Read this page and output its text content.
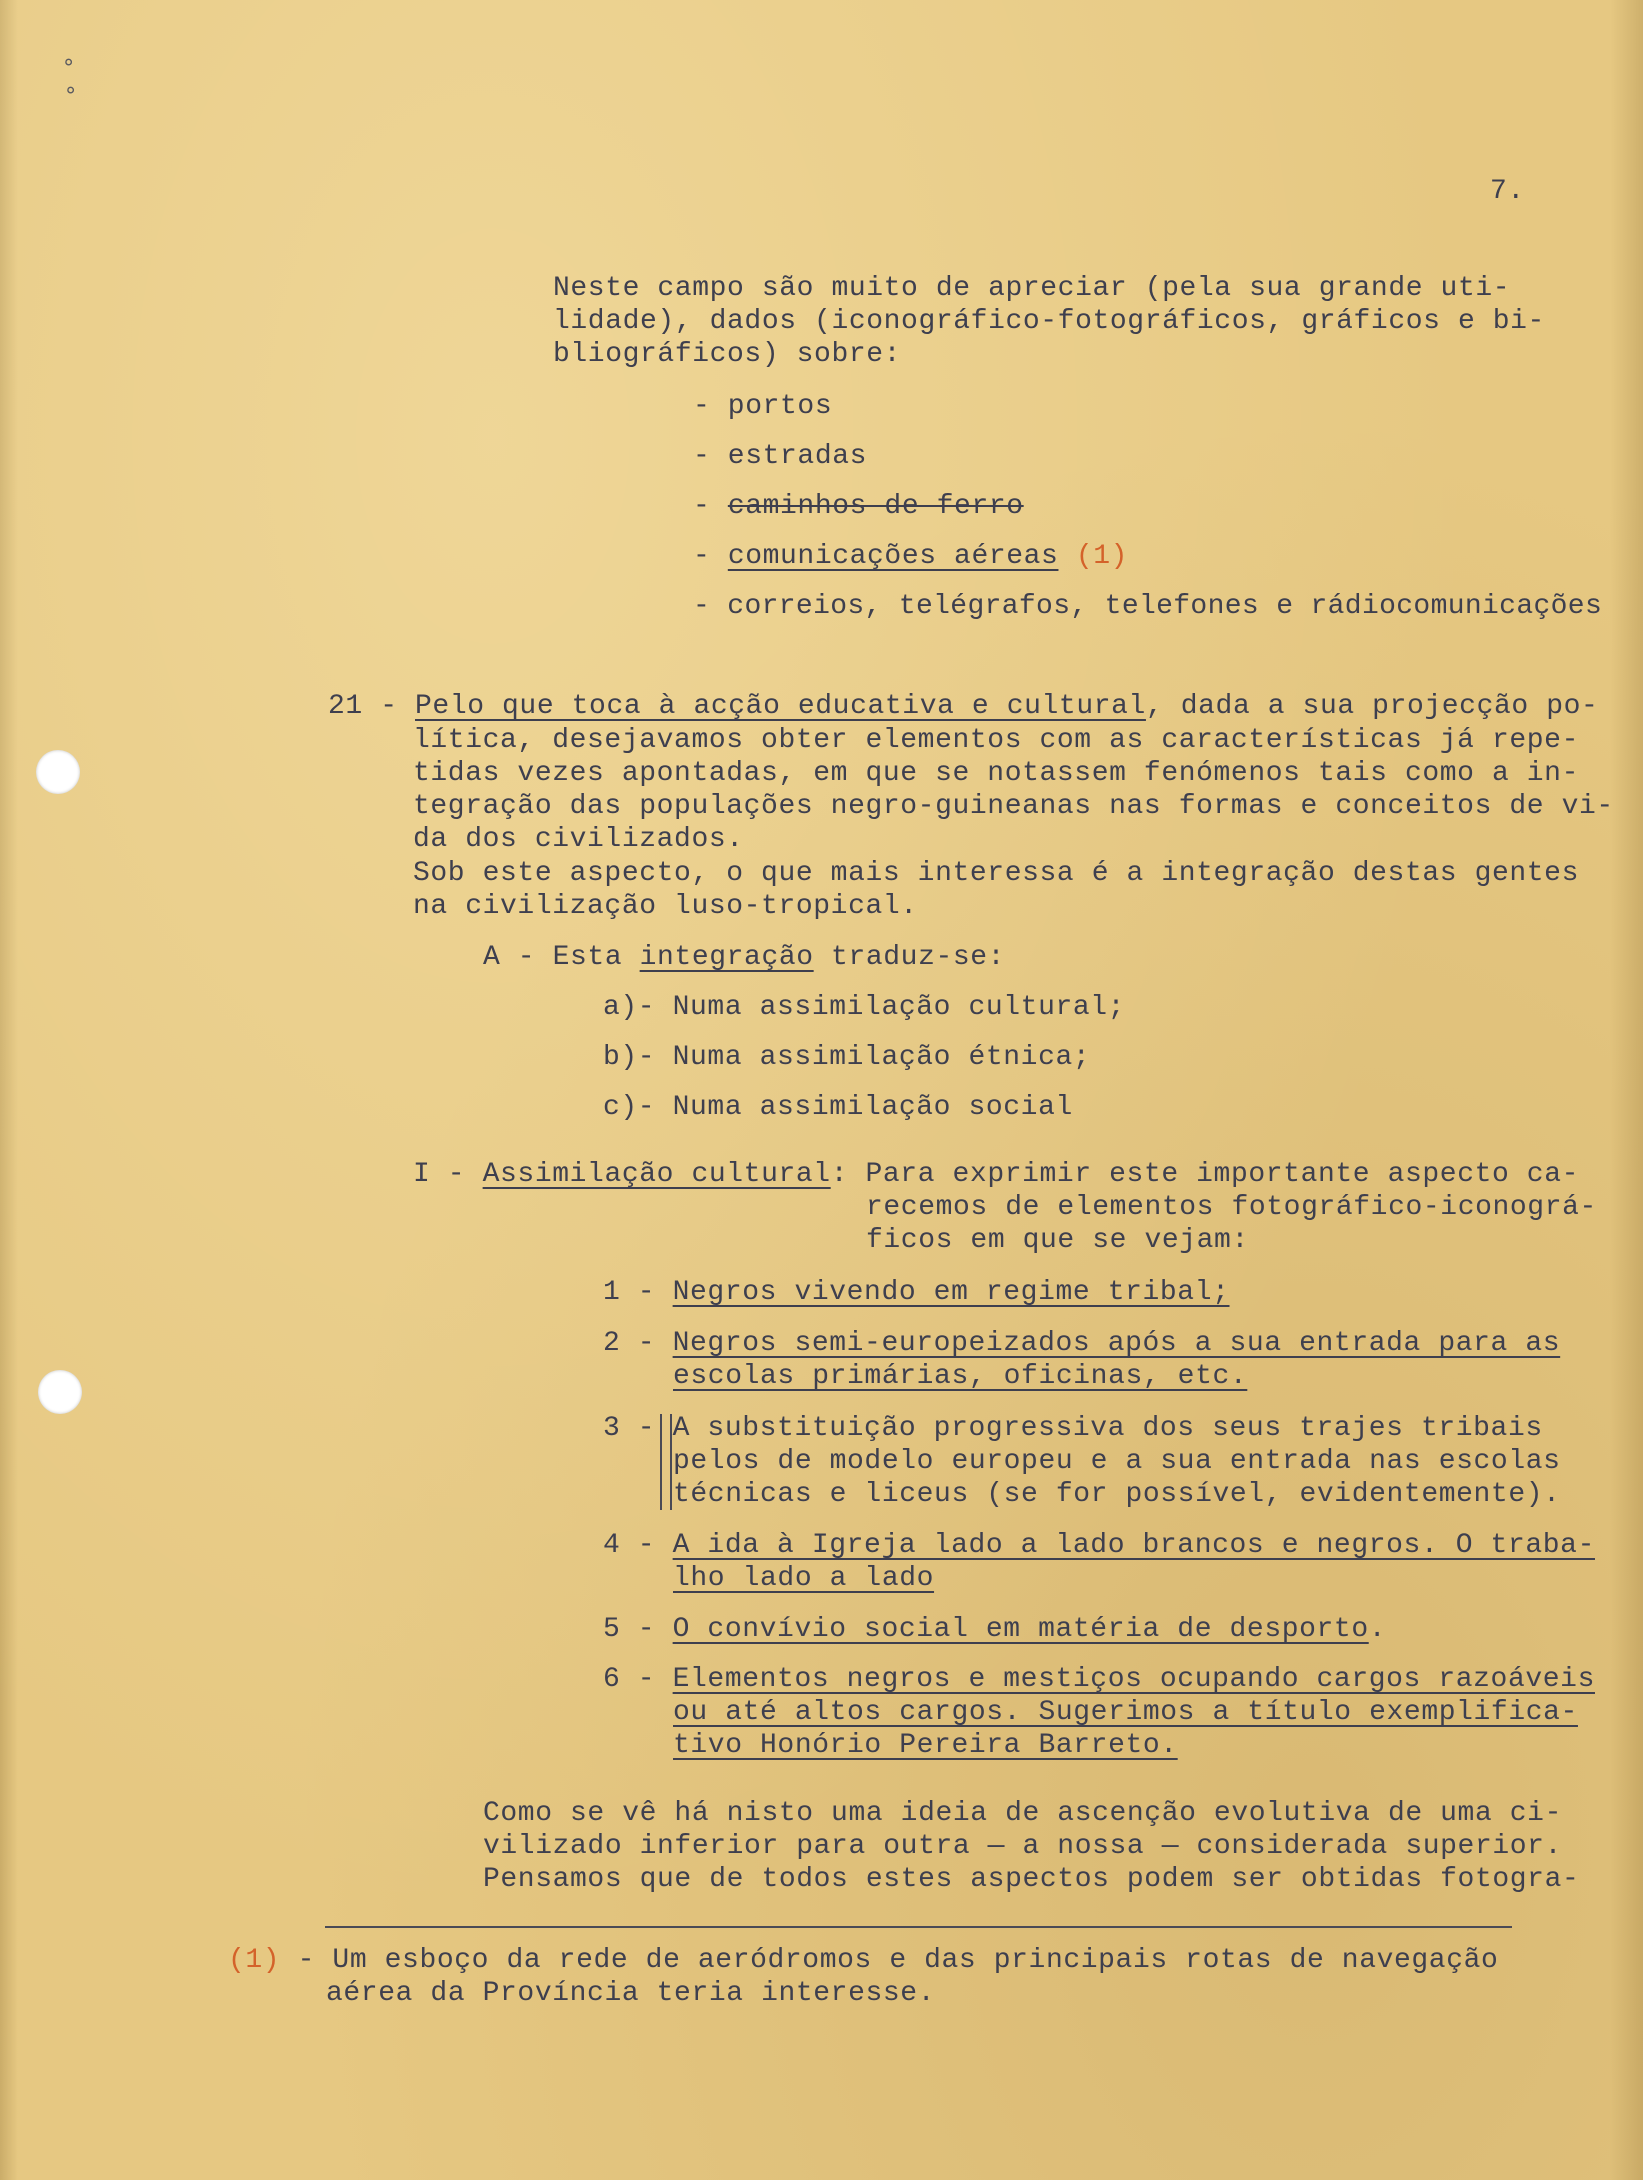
∘
∘
7.
Neste campo são muito de apreciar (pela sua grande uti-
lidade), dados (iconográfico-fotográficos, gráficos e bi-
bliográficos) sobre:
- portos
- estradas
- caminhos de ferro
- comunicações aéreas (1)
- correios, telégrafos, telefones e rádiocomunicações
21 - Pelo que toca à acção educativa e cultural, dada a sua projecção po-
lítica, desejavamos obter elementos com as características já repe-
tidas vezes apontadas, em que se notassem fenómenos tais como a in-
tegração das populações negro-guineanas nas formas e conceitos de vi-
da dos civilizados.
Sob este aspecto, o que mais interessa é a integração destas gentes
na civilização luso-tropical.
A - Esta integração traduz-se:
a)- Numa assimilação cultural;
b)- Numa assimilação étnica;
c)- Numa assimilação social
I - Assimilação cultural: Para exprimir este importante aspecto ca-
recemos de elementos fotográfico-iconográ-
ficos em que se vejam:
1 - Negros vivendo em regime tribal;
2 - Negros semi-europeizados após a sua entrada para as
escolas primárias, oficinas, etc.
3 - A substituição progressiva dos seus trajes tribais
pelos de modelo europeu e a sua entrada nas escolas
técnicas e liceus (se for possível, evidentemente).
4 - A ida à Igreja lado a lado brancos e negros. O traba-
lho lado a lado
5 - O convívio social em matéria de desporto.
6 - Elementos negros e mestiços ocupando cargos razoáveis
ou até altos cargos. Sugerimos a título exemplifica-
tivo Honório Pereira Barreto.
Como se vê há nisto uma ideia de ascenção evolutiva de uma ci-
vilizado inferior para outra — a nossa — considerada superior.
Pensamos que de todos estes aspectos podem ser obtidas fotogra-
(1) - Um esboço da rede de aeródromos e das principais rotas de navegação
aérea da Província teria interesse.
